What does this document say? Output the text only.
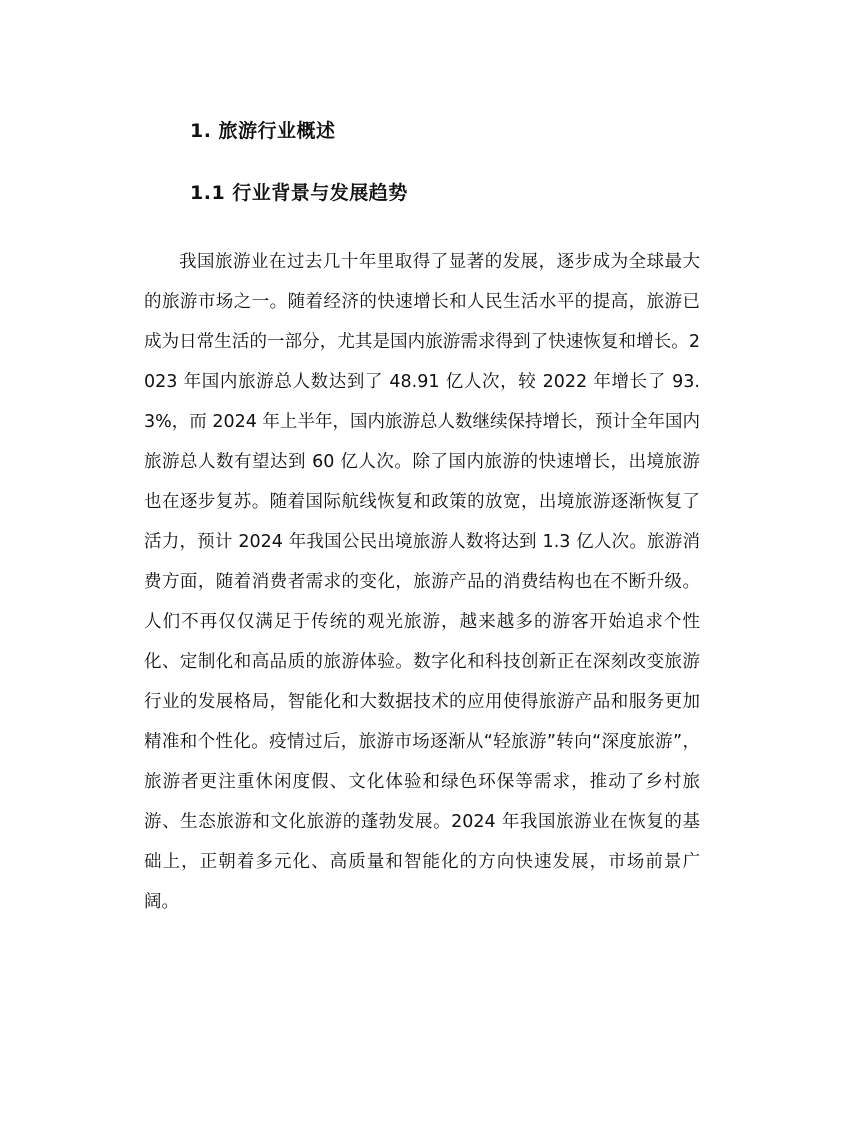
1. 旅游行业概述
1.1 行业背景与发展趋势

我国旅游业在过去几十年里取得了显著的发展，逐步成为全球最大的旅游市场之一。随着经济的快速增长和人民生活水平的提高，旅游已成为日常生活的一部分，尤其是国内旅游需求得到了快速恢复和增长。2023 年国内旅游总人数达到了 48.91 亿人次，较 2022 年增长了 93.3%，而 2024 年上半年，国内旅游总人数继续保持增长，预计全年国内旅游总人数有望达到 60 亿人次。除了国内旅游的快速增长，出境旅游也在逐步复苏。随着国际航线恢复和政策的放宽，出境旅游逐渐恢复了活力，预计 2024 年我国公民出境旅游人数将达到 1.3 亿人次。旅游消费方面，随着消费者需求的变化，旅游产品的消费结构也在不断升级。人们不再仅仅满足于传统的观光旅游，越来越多的游客开始追求个性化、定制化和高品质的旅游体验。数字化和科技创新正在深刻改变旅游行业的发展格局，智能化和大数据技术的应用使得旅游产品和服务更加精准和个性化。疫情过后，旅游市场逐渐从“轻旅游”转向“深度旅游”，旅游者更注重休闲度假、文化体验和绿色环保等需求，推动了乡村旅游、生态旅游和文化旅游的蓬勃发展。2024 年我国旅游业在恢复的基础上，正朝着多元化、高质量和智能化的方向快速发展，市场前景广阔。
